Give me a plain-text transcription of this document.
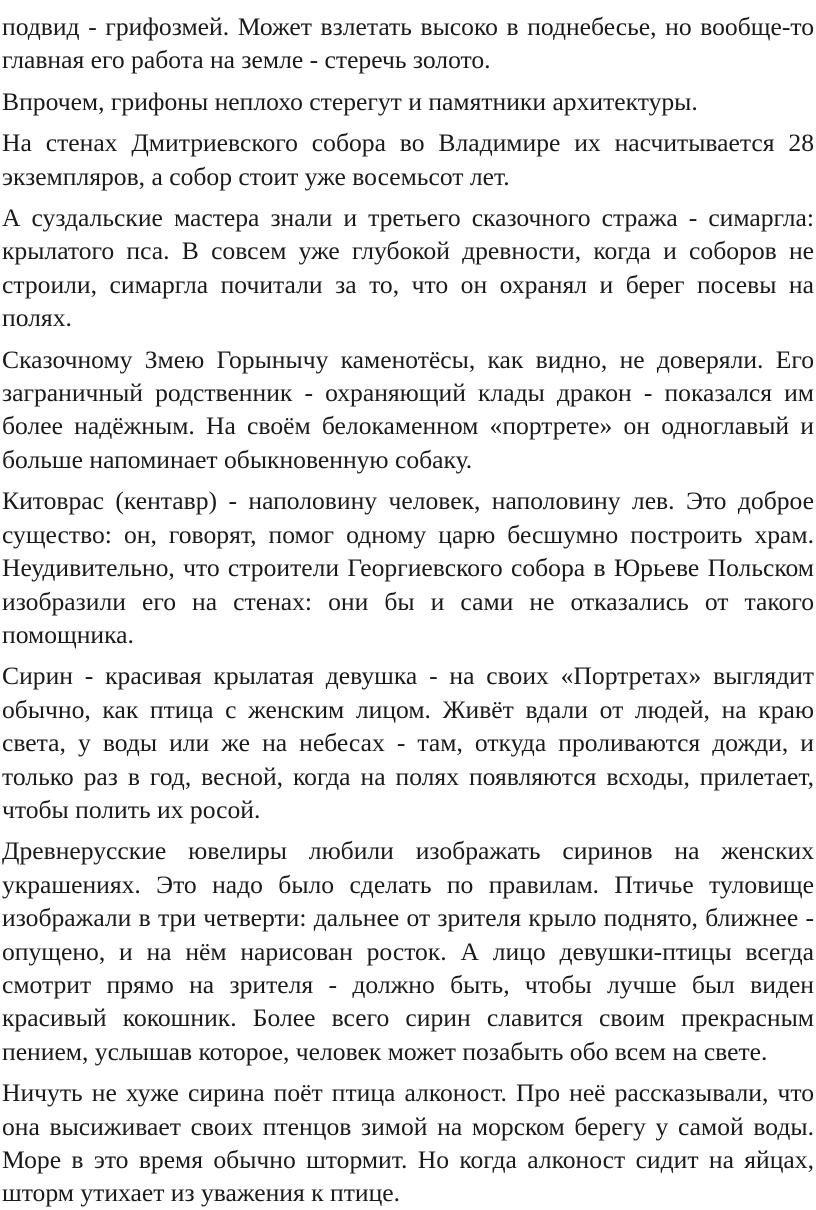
подвид - грифозмей. Может взлетать высоко в поднебесье, но вообще-то главная его работа на земле - стеречь золото.

Впрочем, грифоны неплохо стерегут и памятники архитектуры.

На стенах Дмитриевского собора во Владимире их насчитывается 28 экземпляров, а собор стоит уже восемьсот лет.

А суздальские мастера знали и третьего сказочного стража - симаргла: крылатого пса. В совсем уже глубокой древности, когда и соборов не строили, симаргла почитали за то, что он охранял и берег посевы на полях.

Сказочному Змею Горынычу каменотёсы, как видно, не доверяли. Его заграничный родственник - охраняющий клады дракон - показался им более надёжным. На своём белокаменном «портрете» он одноглавый и больше напоминает обыкновенную собаку.

Китоврас (кентавр) - наполовину человек, наполовину лев. Это доброе существо: он, говорят, помог одному царю бесшумно построить храм. Неудивительно, что строители Георгиевского собора в Юрьеве Польском изобразили его на стенах: они бы и сами не отказались от такого помощника.

Сирин - красивая крылатая девушка - на своих «Портретах» выглядит обычно, как птица с женским лицом. Живёт вдали от людей, на краю света, у воды или же на небесах - там, откуда проливаются дожди, и только раз в год, весной, когда на полях появляются всходы, прилетает, чтобы полить их росой.

Древнерусские ювелиры любили изображать сиринов на женских украшениях. Это надо было сделать по правилам. Птичье туловище изображали в три четверти: дальнее от зрителя крыло поднято, ближнее - опущено, и на нём нарисован росток. А лицо девушки-птицы всегда смотрит прямо на зрителя - должно быть, чтобы лучше был виден красивый кокошник. Более всего сирин славится своим прекрасным пением, услышав которое, человек может позабыть обо всем на свете.

Ничуть не хуже сирина поёт птица алконост. Про неё рассказывали, что она высиживает своих птенцов зимой на морском берегу у самой воды. Море в это время обычно штормит. Но когда алконост сидит на яйцах, шторм утихает из уважения к птице.
